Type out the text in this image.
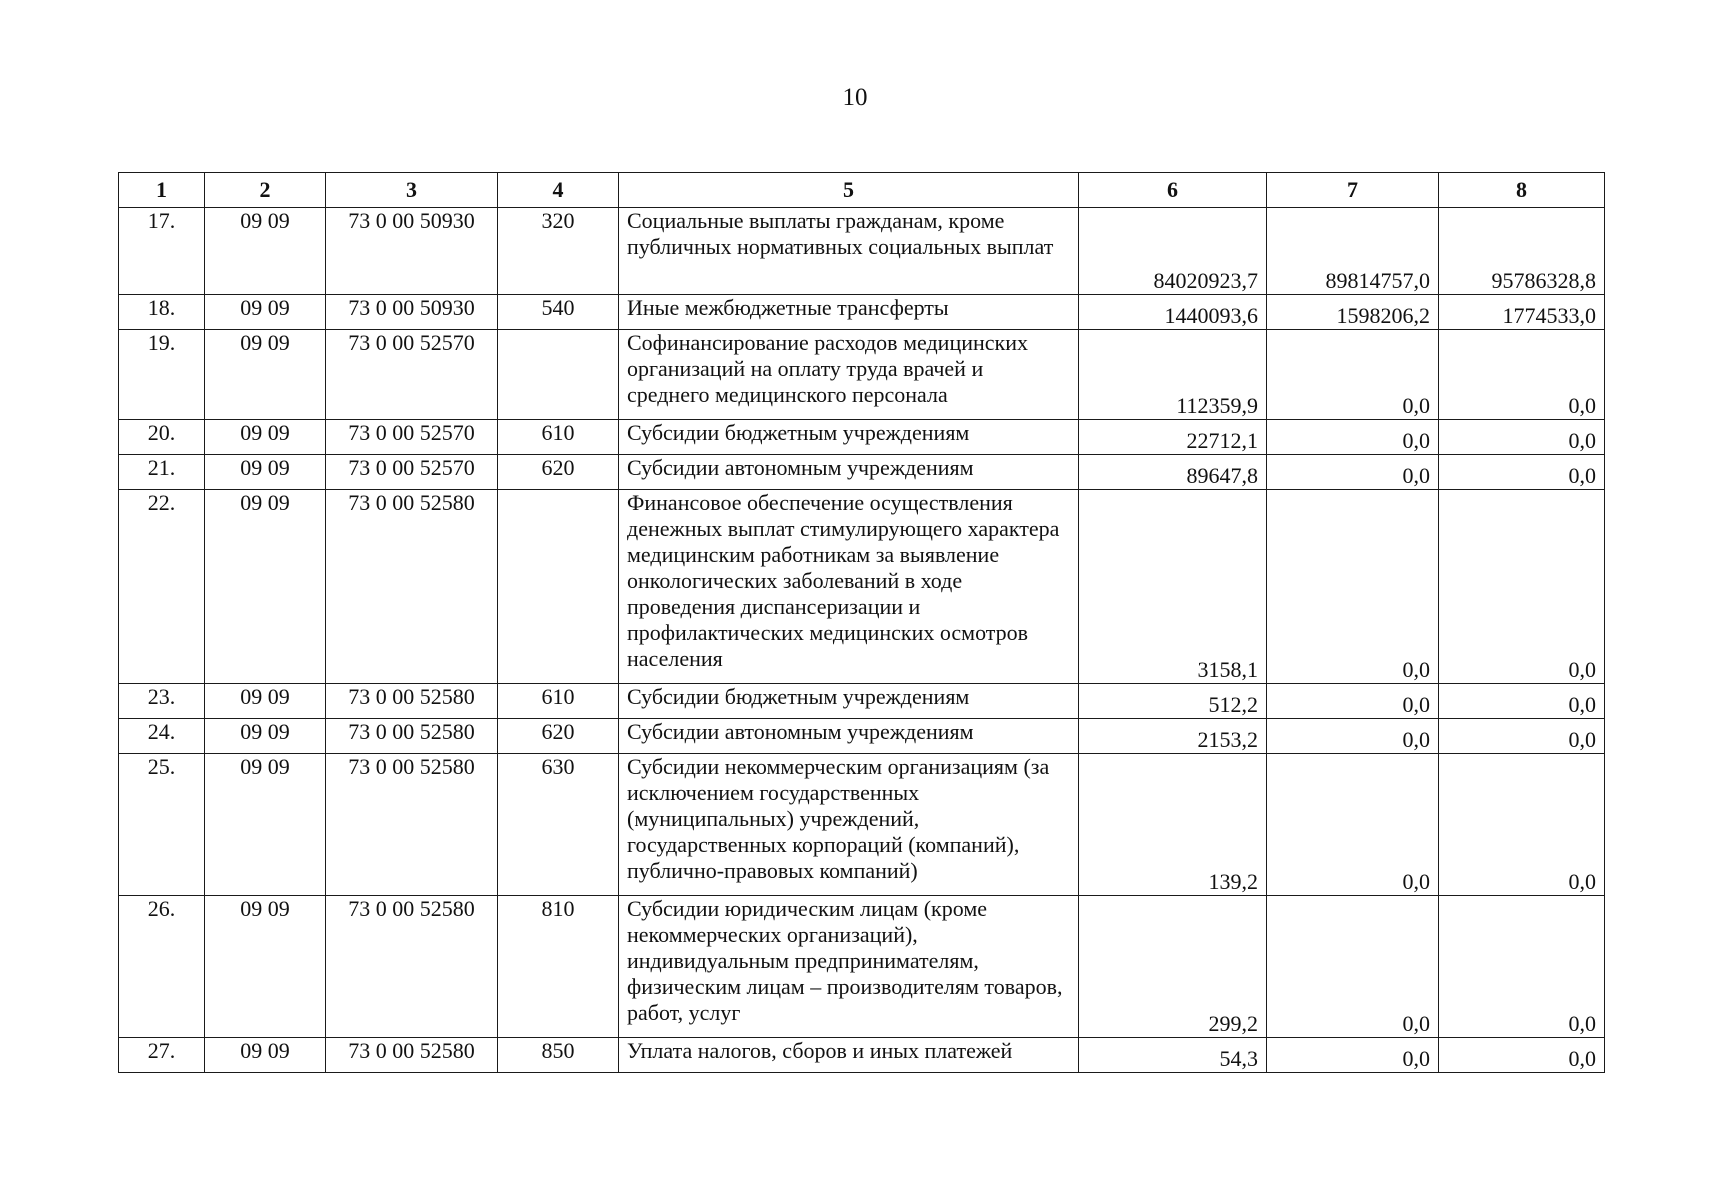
10
1	2	3	4	5	6	7	8
17.	09 09	73 0 00 50930	320	Социальные выплаты гражданам, кроме публичных нормативных социальных выплат	84020923,7	89814757,0	95786328,8
18.	09 09	73 0 00 50930	540	Иные межбюджетные трансферты	1440093,6	1598206,2	1774533,0
19.	09 09	73 0 00 52570		Софинансирование расходов медицинских организаций на оплату труда врачей и среднего медицинского персонала	112359,9	0,0	0,0
20.	09 09	73 0 00 52570	610	Субсидии бюджетным учреждениям	22712,1	0,0	0,0
21.	09 09	73 0 00 52570	620	Субсидии автономным учреждениям	89647,8	0,0	0,0
22.	09 09	73 0 00 52580		Финансовое обеспечение осуществления денежных выплат стимулирующего характера медицинским работникам за выявление онкологических заболеваний в ходе проведения диспансеризации и профилактических медицинских осмотров населения	3158,1	0,0	0,0
23.	09 09	73 0 00 52580	610	Субсидии бюджетным учреждениям	512,2	0,0	0,0
24.	09 09	73 0 00 52580	620	Субсидии автономным учреждениям	2153,2	0,0	0,0
25.	09 09	73 0 00 52580	630	Субсидии некоммерческим организациям (за исключением государственных (муниципальных) учреждений, государственных корпораций (компаний), публично-правовых компаний)	139,2	0,0	0,0
26.	09 09	73 0 00 52580	810	Субсидии юридическим лицам (кроме некоммерческих организаций), индивидуальным предпринимателям, физическим лицам – производителям товаров, работ, услуг	299,2	0,0	0,0
27.	09 09	73 0 00 52580	850	Уплата налогов, сборов и иных платежей	54,3	0,0	0,0
